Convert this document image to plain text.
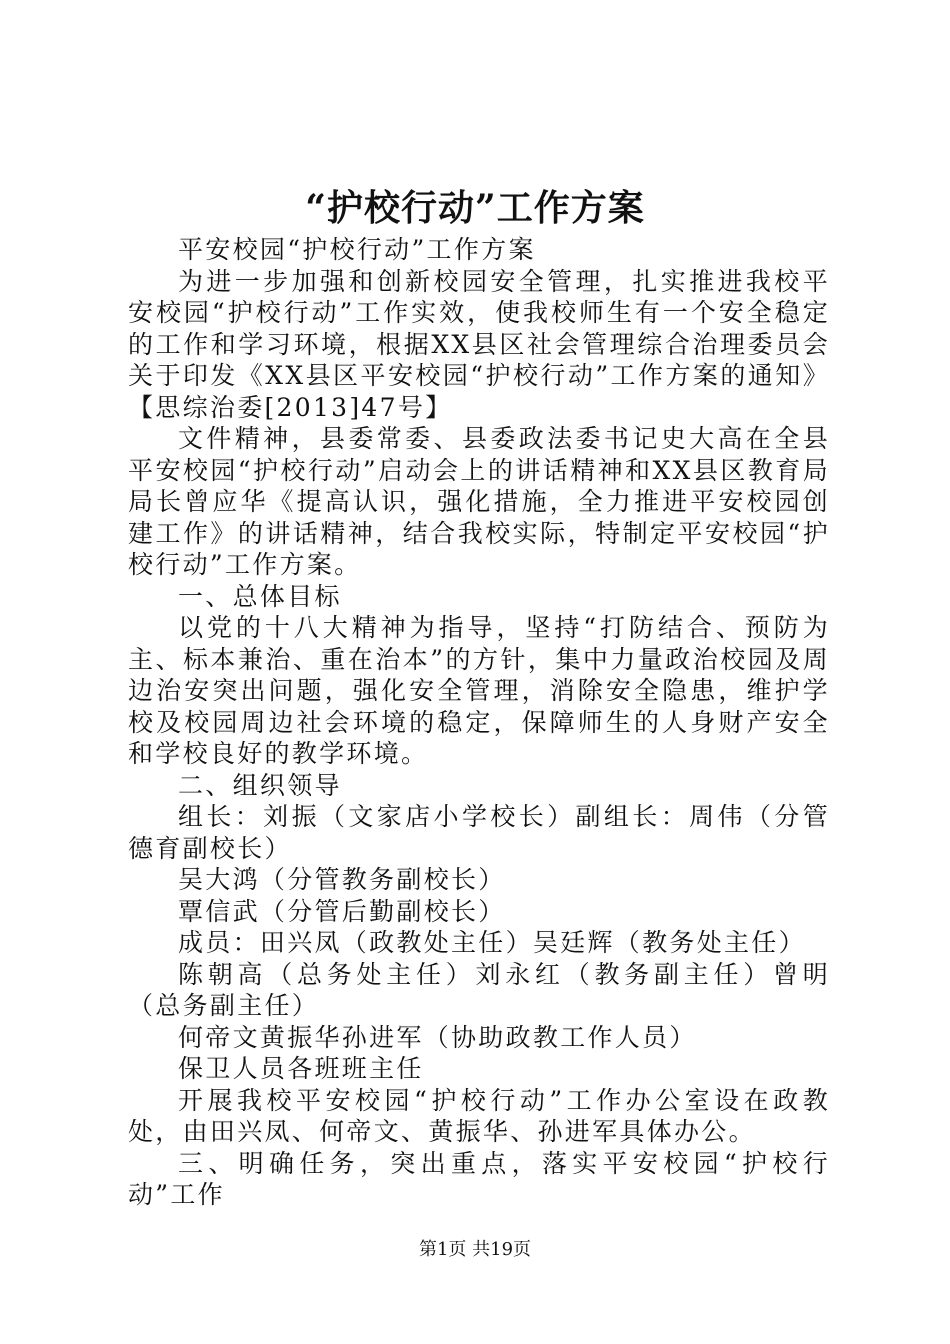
“护校行动”工作方案

平安校园“护校行动”工作方案

为进一步加强和创新校园安全管理，扎实推进我校平安校园“护校行动”工作实效，使我校师生有一个安全稳定的工作和学习环境，根据XX县区社会管理综合治理委员会关于印发《XX县区平安校园“护校行动”工作方案的通知》【思综治委[2013]47号】

文件精神，县委常委、县委政法委书记史大高在全县平安校园“护校行动”启动会上的讲话精神和XX县区教育局局长曾应华《提高认识，强化措施，全力推进平安校园创建工作》的讲话精神，结合我校实际，特制定平安校园“护校行动”工作方案。

一、总体目标

以党的十八大精神为指导，坚持“打防结合、预防为主、标本兼治、重在治本”的方针，集中力量政治校园及周边治安突出问题，强化安全管理，消除安全隐患，维护学校及校园周边社会环境的稳定，保障师生的人身财产安全和学校良好的教学环境。

二、组织领导

组长：刘振（文家店小学校长）副组长：周伟（分管德育副校长）

吴大鸿（分管教务副校长）

覃信武（分管后勤副校长）

成员：田兴凤（政教处主任）吴廷辉（教务处主任）

陈朝高（总务处主任）刘永红（教务副主任）曾明（总务副主任）

何帝文黄振华孙进军（协助政教工作人员）

保卫人员各班班主任

开展我校平安校园“护校行动”工作办公室设在政教处，由田兴凤、何帝文、黄振华、孙进军具体办公。

三、明确任务，突出重点，落实平安校园“护校行动”工作

第1页 共19页
